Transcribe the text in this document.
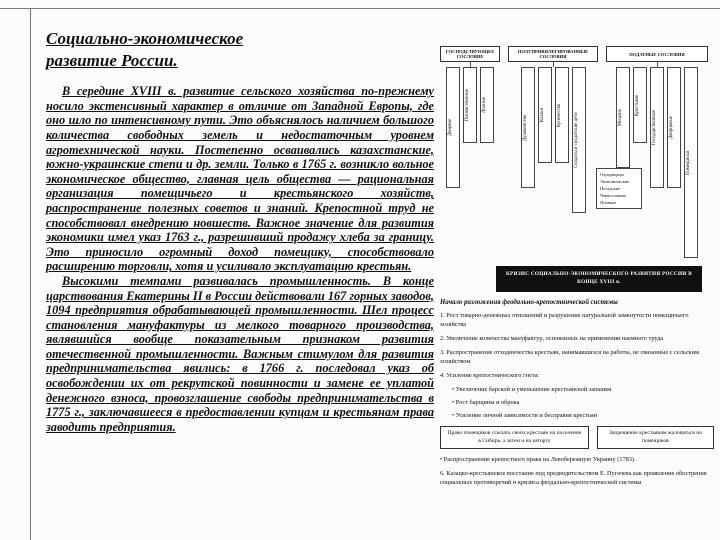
Социально-экономическое развитие России.

В середине XVIII в. развитие сельского хозяйства по-прежнему носило экстенсивный характер в отличие от Западной Европы, где оно шло по интенсивному пути. Это объяснялось наличием большого количества свободных земель и недостаточным уровнем агротехнической науки. Постепенно осваивались казахстанские, южно-украинские степи и др. земли. Только в 1765 г. возникло вольное экономическое общество, главная цель общества — рациональная организация помещичьего и крестьянского хозяйств, распространение полезных советов и знаний. Крепостной труд не способствовал внедрению новшеств. Важное значение для развития экономики имел указ 1763 г., разрешивший продажу хлеба за границу. Это приносило огромный доход помещику, способствовало расширению торговли, хотя и усиливало эксплуатацию крестьян.

Высокими темпами развивалась промышленность. В конце царствования Екатерины II в России действовали 167 горных заводов, 1094 предприятия обрабатывающей промышленности. Шел процесс становления мануфактуры из мелкого товарного производства, являвшийся вообще показательным признаком развития отечественной промышленности. Важным стимулом для развития предпринимательства явились: в 1766 г. последовал указ об освобождении их от рекрутской повинности и замене ее уплатой денежного взноса, провозглашение свободы предпринимательства в 1775 г., заключавшееся в предоставлении купцам и крестьянам права заводить предприятия.

ГОСПОДСТВУЮЩЕЕ СОСЛОВИЕ
Дворяне
Потомственные	Личные
ПОЛУПРИВИЛЕГИРОВАННЫЕ СОСЛОВИЯ
Духовенство	Казаки	Купечество	Солдаты и солдатские дети
ПОДАТНЫЕ СОСЛОВИЯ
Мещане
Крестьяне
Государственные	Дворцовые
Помещичьи
Однодворцы
Экономические
Посадские
Черносошные
Ясачные
КРИЗИС СОЦИАЛЬНО-ЭКОНОМИЧЕСКОГО РАЗВИТИЯ РОССИИ В КОНЦЕ XVIII в.
Начало разложения феодально-крепостнической системы
1. Рост товарно-денежных отношений и разрушение натуральной замкнутости помещичьего хозяйства
2. Увеличение количества мануфактур, основанных на применении наемного труда
3. Распространение отходничества крестьян, нанимавшихся на работы, не связанные с сельским хозяйством
4. Усиление крепостнического гнета:
• Увеличение барской и уменьшение крестьянской запашки
• Рост барщины и оброка
• Усиление личной зависимости и бесправия крестьян
Право помещиков ссылать своих крестьян на поселение в Сибирь, а затем и на каторгу
Запрещение крестьянам жаловаться на помещиков
• Распространение крепостного права на Левобережную Украину (1783)
6. Казацко-крестьянское восстание под предводительством Е. Пугачева как проявление обострения социальных противоречий и кризиса феодально-крепостнической системы
